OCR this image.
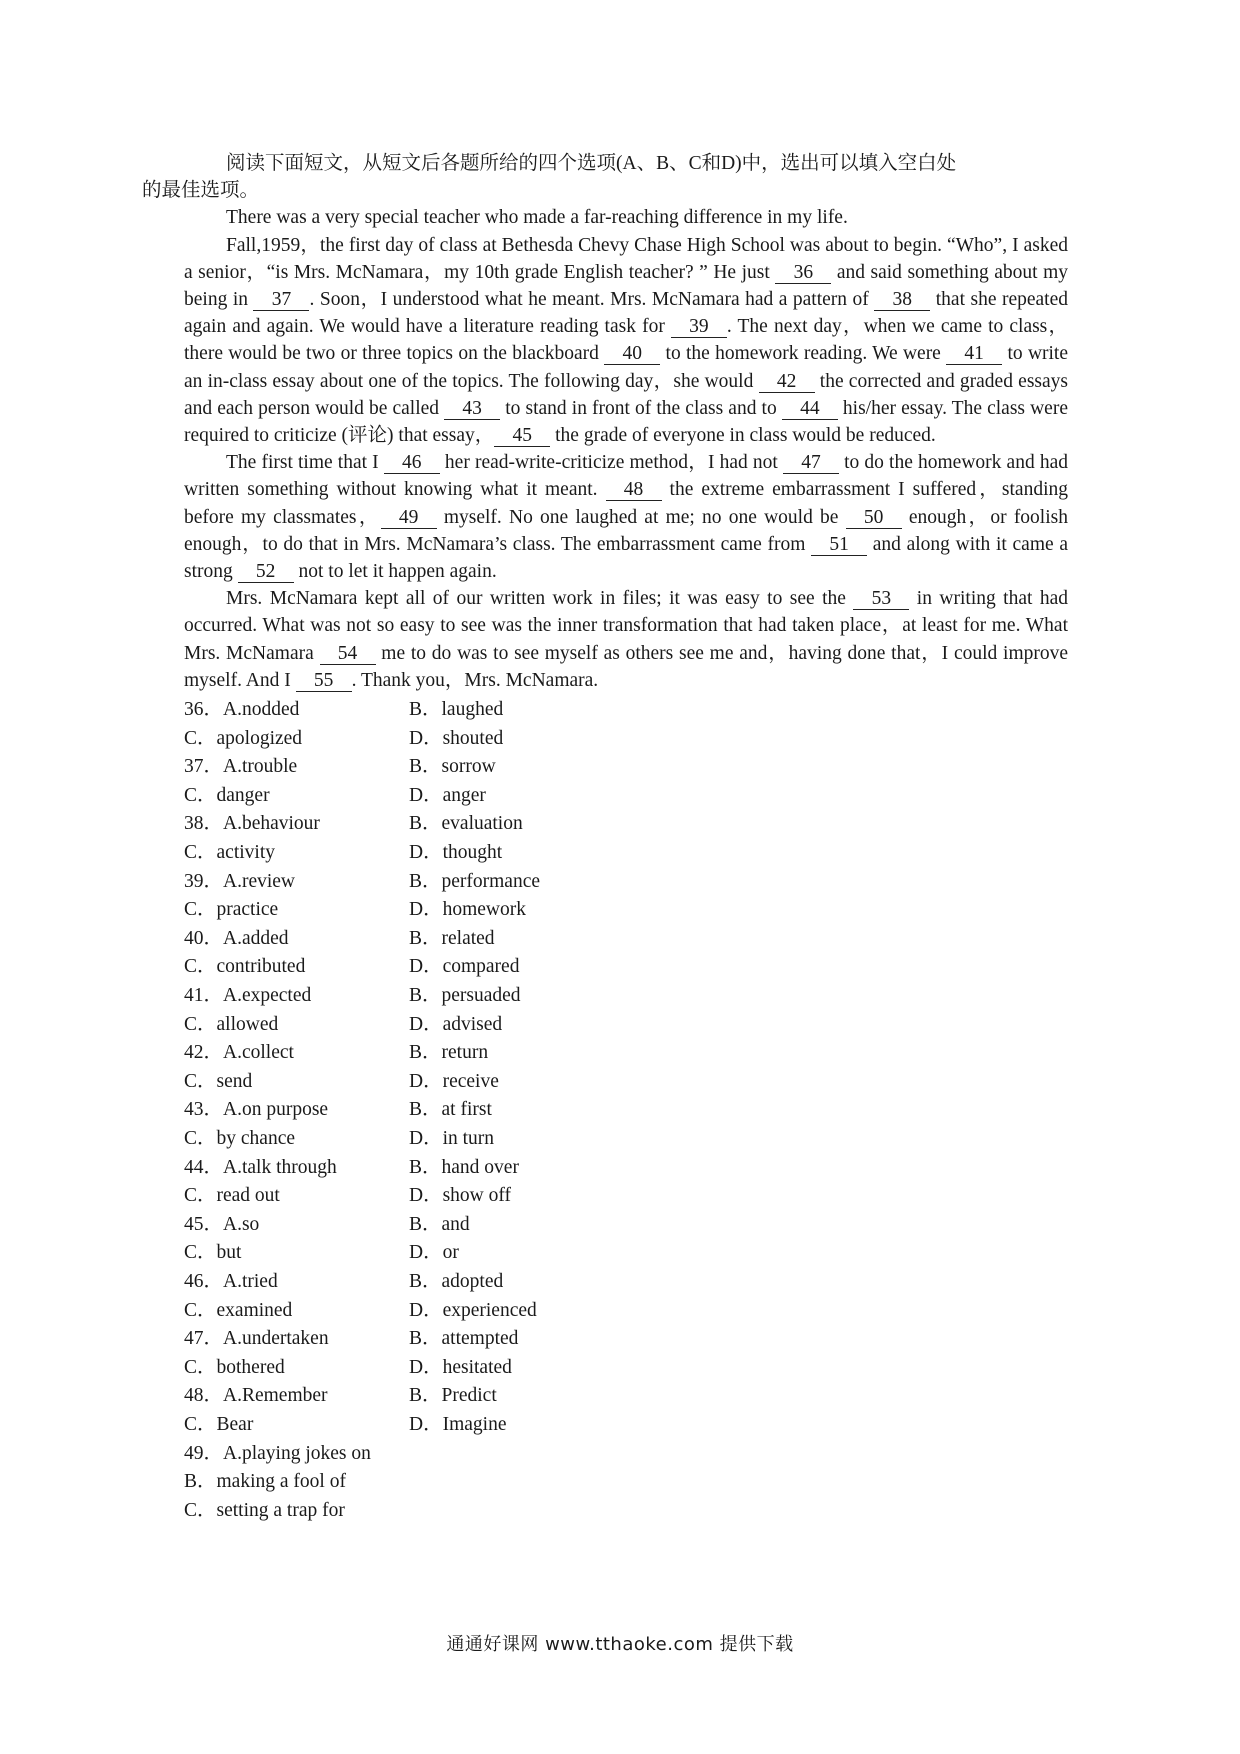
阅读下面短文，从短文后各题所给的四个选项(A、B、C和D)中，选出可以填入空白处
的最佳选项。

There was a very special teacher who made a far-reaching difference in my life.

Fall,1959，the first day of class at Bethesda Chevy Chase High School was about to begin. “Who”, I asked a senior，“is Mrs. McNamara，my 10th grade English teacher? ” He just 36 and said something about my being in 37 . Soon，I understood what he meant. Mrs. McNamara had a pattern of 38 that she repeated again and again. We would have a literature reading task for 39 . The next day，when we came to class，there would be two or three topics on the blackboard 40 to the homework reading. We were 41 to write an in-class essay about one of the topics. The following day，she would 42 the corrected and graded essays and each person would be called 43 to stand in front of the class and to 44 his/her essay. The class were required to criticize (评论) that essay， 45 the grade of everyone in class would be reduced.

The first time that I 46 her read-write-criticize method，I had not 47 to do the homework and had written something without knowing what it meant. 48 the extreme embarrassment I suffered，standing before my classmates， 49 myself. No one laughed at me; no one would be 50 enough，or foolish enough，to do that in Mrs. McNamara’s class. The embarrassment came from 51 and along with it came a strong 52 not to let it happen again.

Mrs. McNamara kept all of our written work in files; it was easy to see the 53 in writing that had occurred. What was not so easy to see was the inner transformation that had taken place，at least for me. What Mrs. McNamara 54 me to do was to see myself as others see me and，having done that，I could improve myself. And I 55 . Thank you，Mrs. McNamara.

36．A.nodded	B．laughed
C．apologized	D．shouted
37．A.trouble	B．sorrow
C．danger	D．anger
38．A.behaviour	B．evaluation
C．activity	D．thought
39．A.review	B．performance
C．practice	D．homework
40．A.added	B．related
C．contributed	D．compared
41．A.expected	B．persuaded
C．allowed	D．advised
42．A.collect	B．return
C．send	D．receive
43．A.on purpose	B．at first
C．by chance	D．in turn
44．A.talk through	B．hand over
C．read out	D．show off
45．A.so	B．and
C．but	D．or
46．A.tried	B．adopted
C．examined	D．experienced
47．A.undertaken	B．attempted
C．bothered	D．hesitated
48．A.Remember	B．Predict
C．Bear	D．Imagine
49．A.playing jokes on
B．making a fool of
C．setting a trap for
通通好课网 www.tthaoke.com 提供下载
